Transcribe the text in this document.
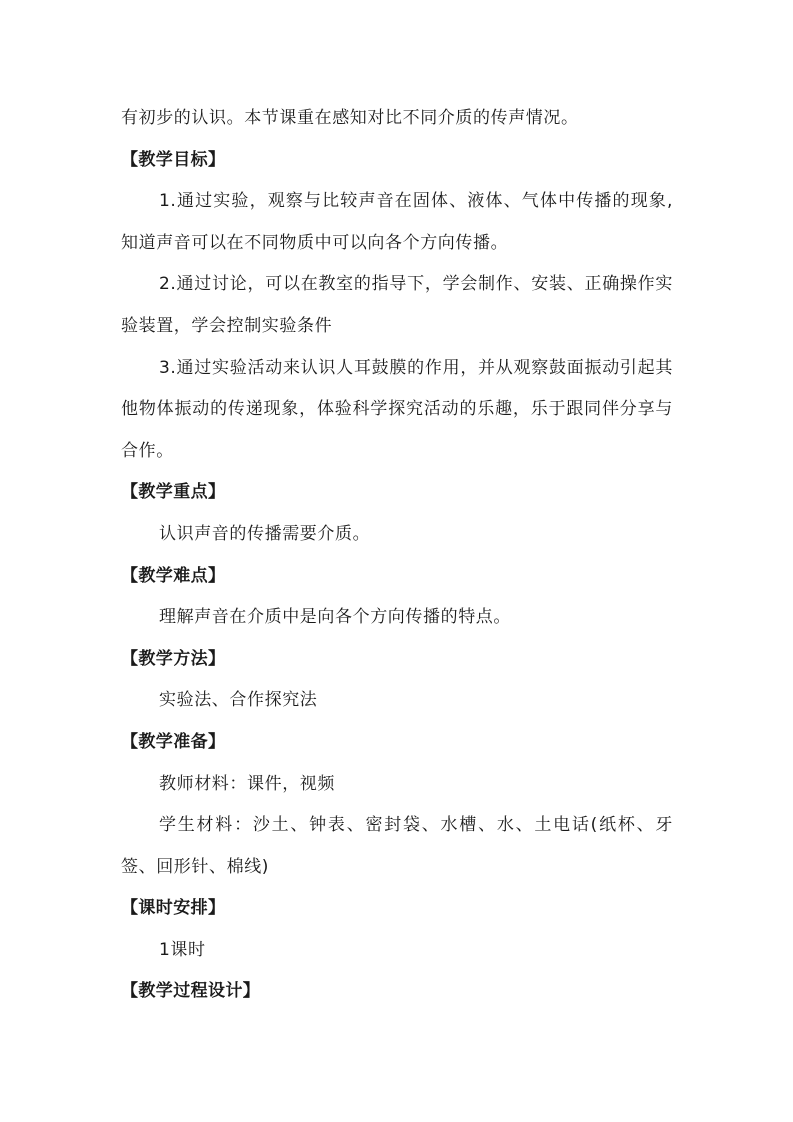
有初步的认识。本节课重在感知对比不同介质的传声情况。

【教学目标】

1.通过实验，观察与比较声音在固体、液体、气体中传播的现象,知道声音可以在不同物质中可以向各个方向传播。

2.通过讨论，可以在教室的指导下，学会制作、安装、正确操作实验装置，学会控制实验条件

3.通过实验活动来认识人耳鼓膜的作用，并从观察鼓面振动引起其他物体振动的传递现象，体验科学探究活动的乐趣，乐于跟同伴分享与合作。

【教学重点】

认识声音的传播需要介质。

【教学难点】

理解声音在介质中是向各个方向传播的特点。

【教学方法】

实验法、合作探究法

【教学准备】

教师材料：课件，视频

学生材料：沙土、钟表、密封袋、水槽、水、土电话(纸杯、牙签、回形针、棉线)

【课时安排】

1课时

【教学过程设计】
